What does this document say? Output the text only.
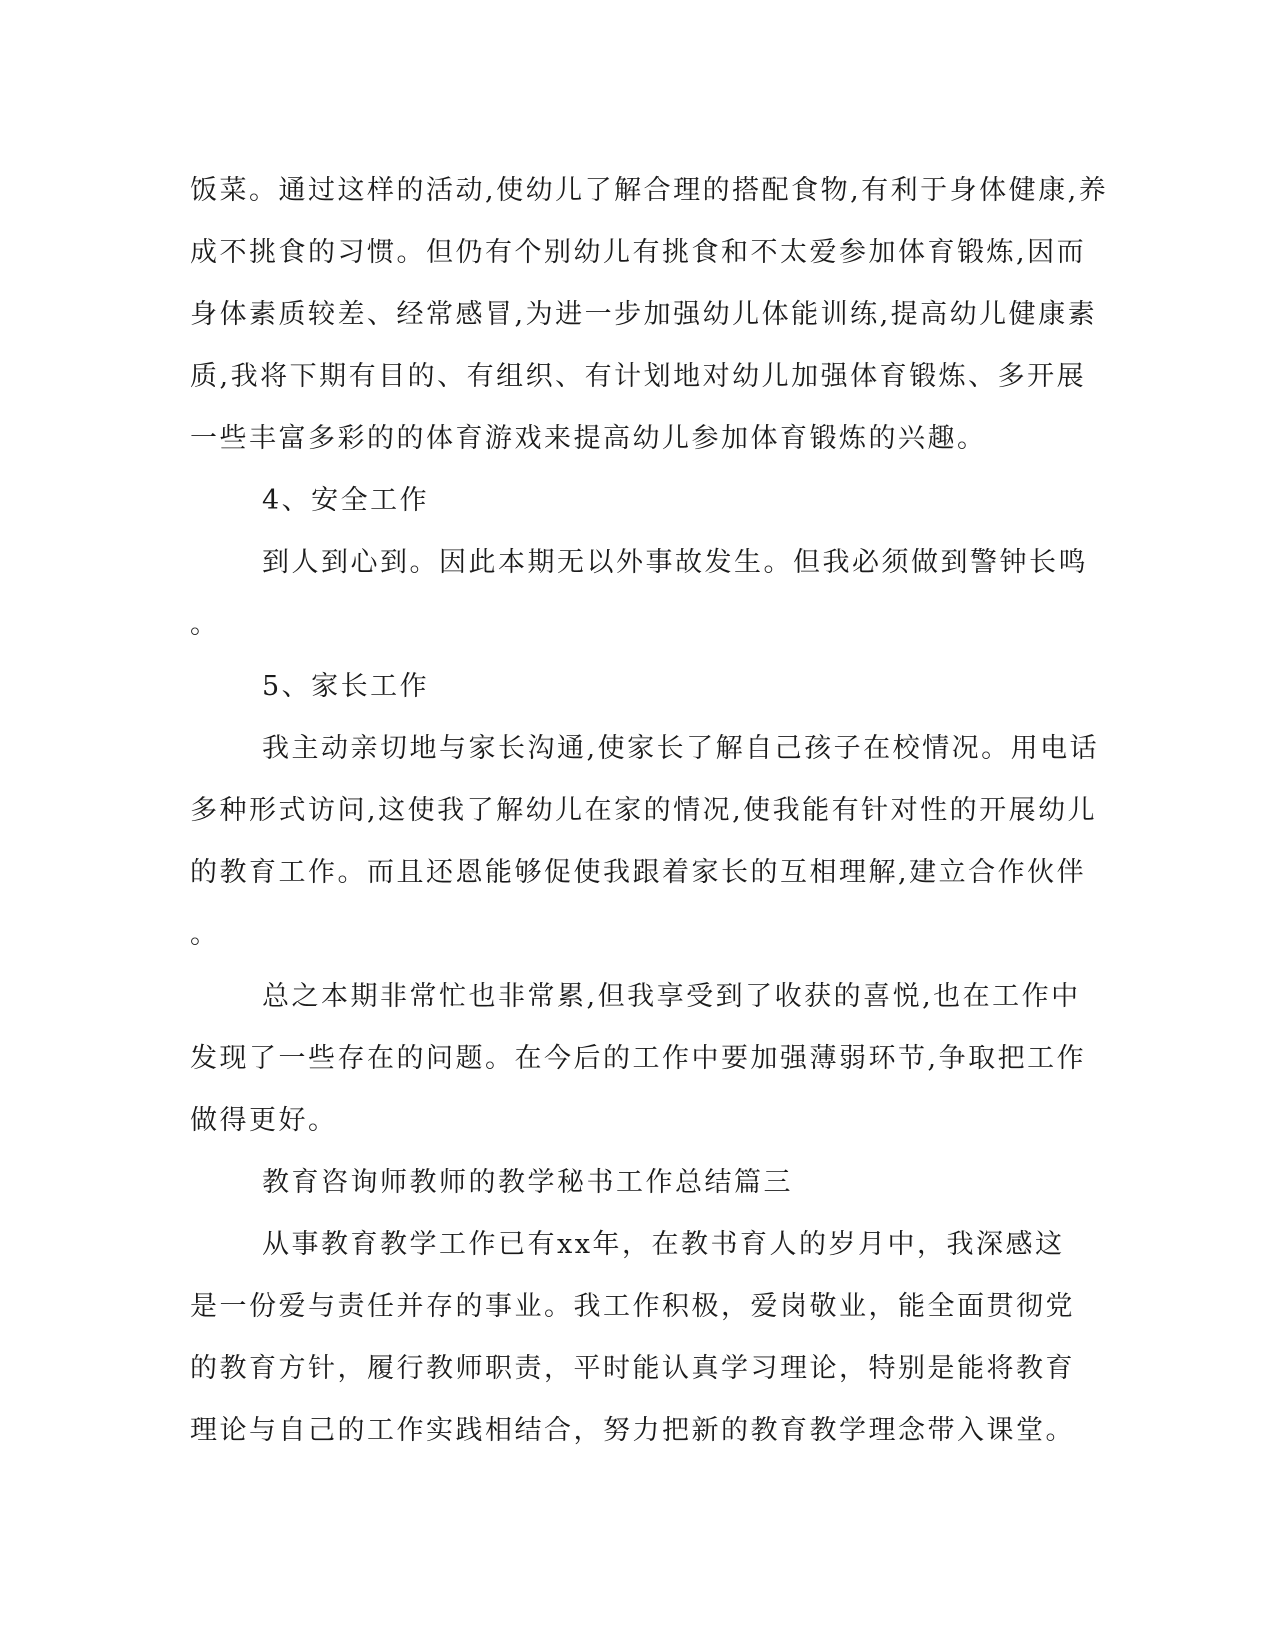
饭菜。通过这样的活动,使幼儿了解合理的搭配食物,有利于身体健康,养
成不挑食的习惯。但仍有个别幼儿有挑食和不太爱参加体育锻炼,因而
身体素质较差、经常感冒,为进一步加强幼儿体能训练,提高幼儿健康素
质,我将下期有目的、有组织、有计划地对幼儿加强体育锻炼、多开展
一些丰富多彩的的体育游戏来提高幼儿参加体育锻炼的兴趣。
4、安全工作
到人到心到。因此本期无以外事故发生。但我必须做到警钟长鸣
。
5、家长工作
我主动亲切地与家长沟通,使家长了解自己孩子在校情况。用电话
多种形式访问,这使我了解幼儿在家的情况,使我能有针对性的开展幼儿
的教育工作。而且还恩能够促使我跟着家长的互相理解,建立合作伙伴
。
总之本期非常忙也非常累,但我享受到了收获的喜悦,也在工作中
发现了一些存在的问题。在今后的工作中要加强薄弱环节,争取把工作
做得更好。
教育咨询师教师的教学秘书工作总结篇三
从事教育教学工作已有xx年，在教书育人的岁月中，我深感这
是一份爱与责任并存的事业。我工作积极，爱岗敬业，能全面贯彻党
的教育方针，履行教师职责，平时能认真学习理论，特别是能将教育
理论与自己的工作实践相结合，努力把新的教育教学理念带入课堂。
